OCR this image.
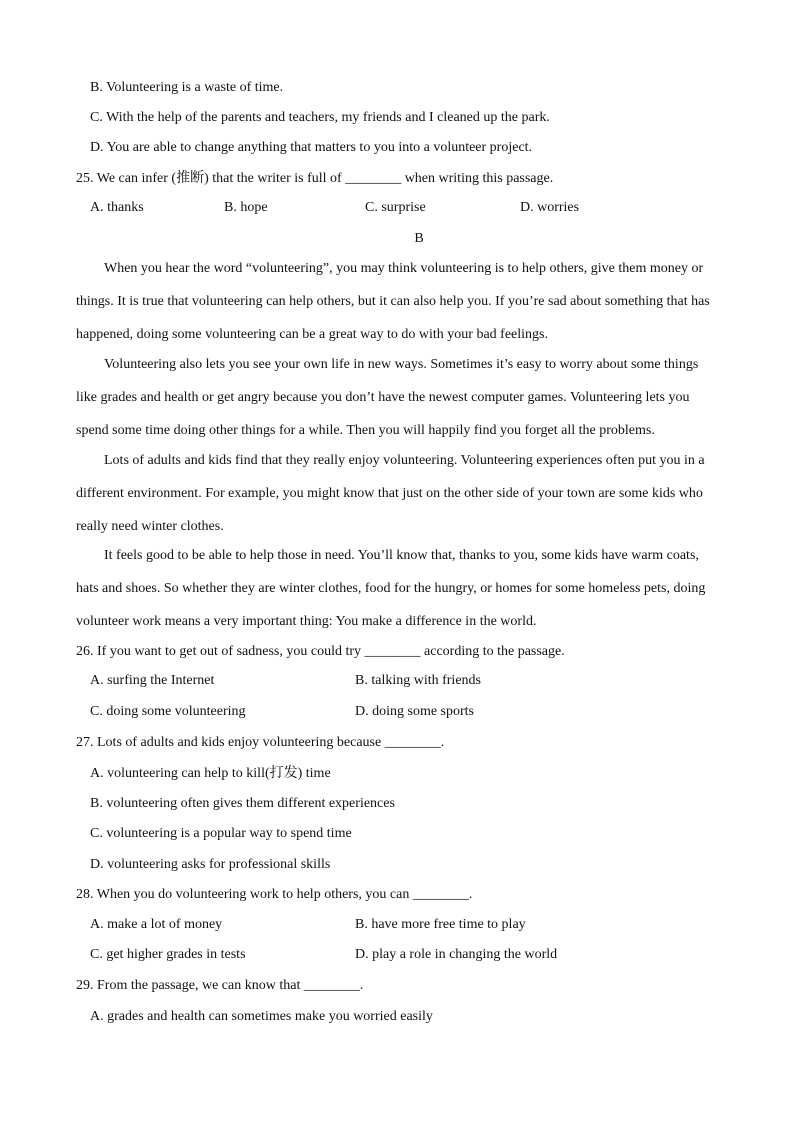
B. Volunteering is a waste of time.
C. With the help of the parents and teachers, my friends and I cleaned up the park.
D. You are able to change anything that matters to you into a volunteer project.
25. We can infer (推断) that the writer is full of ________ when writing this passage.
A. thanks	B. hope	C. surprise	D. worries
B
When you hear the word “volunteering”, you may think volunteering is to help others, give them money or
things. It is true that volunteering can help others, but it can also help you. If you’re sad about something that has
happened, doing some volunteering can be a great way to do with your bad feelings.
Volunteering also lets you see your own life in new ways. Sometimes it’s easy to worry about some things
like grades and health or get angry because you don’t have the newest computer games. Volunteering lets you
spend some time doing other things for a while. Then you will happily find you forget all the problems.
Lots of adults and kids find that they really enjoy volunteering. Volunteering experiences often put you in a
different environment. For example, you might know that just on the other side of your town are some kids who
really need winter clothes.
It feels good to be able to help those in need. You’ll know that, thanks to you, some kids have warm coats,
hats and shoes. So whether they are winter clothes, food for the hungry, or homes for some homeless pets, doing
volunteer work means a very important thing: You make a difference in the world.
26. If you want to get out of sadness, you could try ________ according to the passage.
A. surfing the Internet	B. talking with friends
C. doing some volunteering	D. doing some sports
27. Lots of adults and kids enjoy volunteering because ________.
A. volunteering can help to kill(打发) time
B. volunteering often gives them different experiences
C. volunteering is a popular way to spend time
D. volunteering asks for professional skills
28. When you do volunteering work to help others, you can ________.
A. make a lot of money	B. have more free time to play
C. get higher grades in tests	D. play a role in changing the world
29. From the passage, we can know that ________.
A. grades and health can sometimes make you worried easily
